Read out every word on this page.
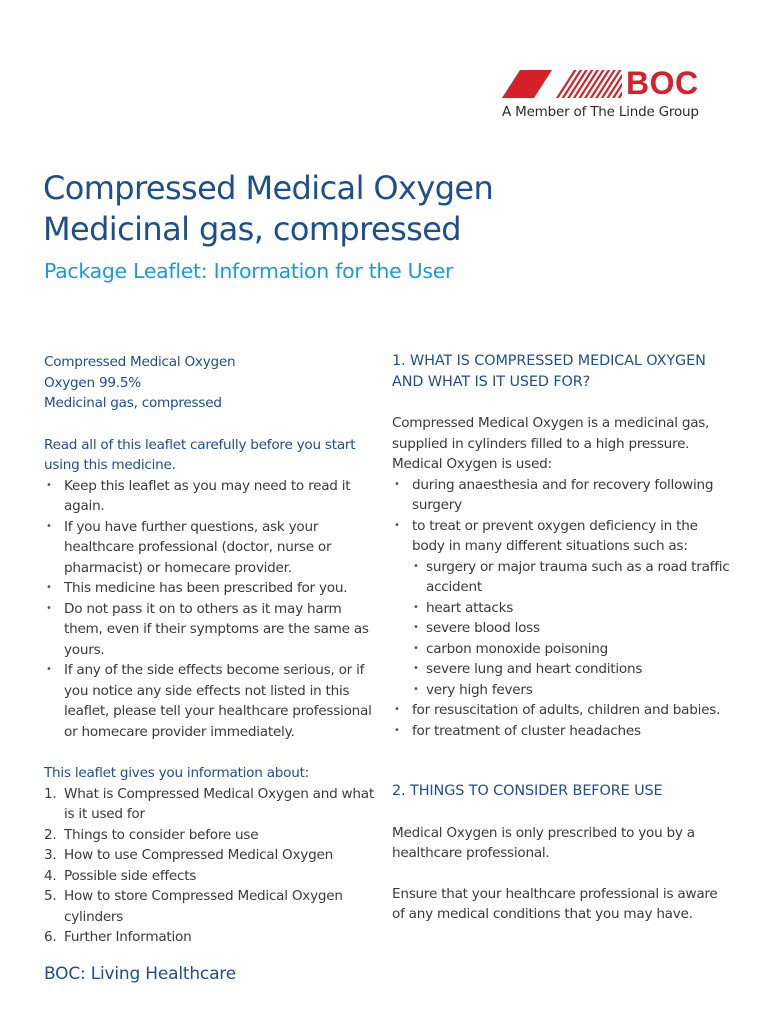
BOC
A Member of The Linde Group
Compressed Medical Oxygen
Medicinal gas, compressed
Package Leaflet: Information for the User
Compressed Medical Oxygen
Oxygen 99.5%
Medicinal gas, compressed
Read all of this leaflet carefully before you start using this medicine.
• Keep this leaflet as you may need to read it again.
• If you have further questions, ask your healthcare professional (doctor, nurse or pharmacist) or homecare provider.
• This medicine has been prescribed for you.
• Do not pass it on to others as it may harm them, even if their symptoms are the same as yours.
• If any of the side effects become serious, or if you notice any side effects not listed in this leaflet, please tell your healthcare professional or homecare provider immediately.
This leaflet gives you information about:
1. What is Compressed Medical Oxygen and what is it used for
2. Things to consider before use
3. How to use Compressed Medical Oxygen
4. Possible side effects
5. How to store Compressed Medical Oxygen cylinders
6. Further Information
1. WHAT IS COMPRESSED MEDICAL OXYGEN AND WHAT IS IT USED FOR?
Compressed Medical Oxygen is a medicinal gas, supplied in cylinders filled to a high pressure. Medical Oxygen is used:
• during anaesthesia and for recovery following surgery
• to treat or prevent oxygen deficiency in the body in many different situations such as:
• surgery or major trauma such as a road traffic accident
• heart attacks
• severe blood loss
• carbon monoxide poisoning
• severe lung and heart conditions
• very high fevers
• for resuscitation of adults, children and babies.
• for treatment of cluster headaches
2. THINGS TO CONSIDER BEFORE USE
Medical Oxygen is only prescribed to you by a healthcare professional.
Ensure that your healthcare professional is aware of any medical conditions that you may have.
BOC: Living Healthcare
